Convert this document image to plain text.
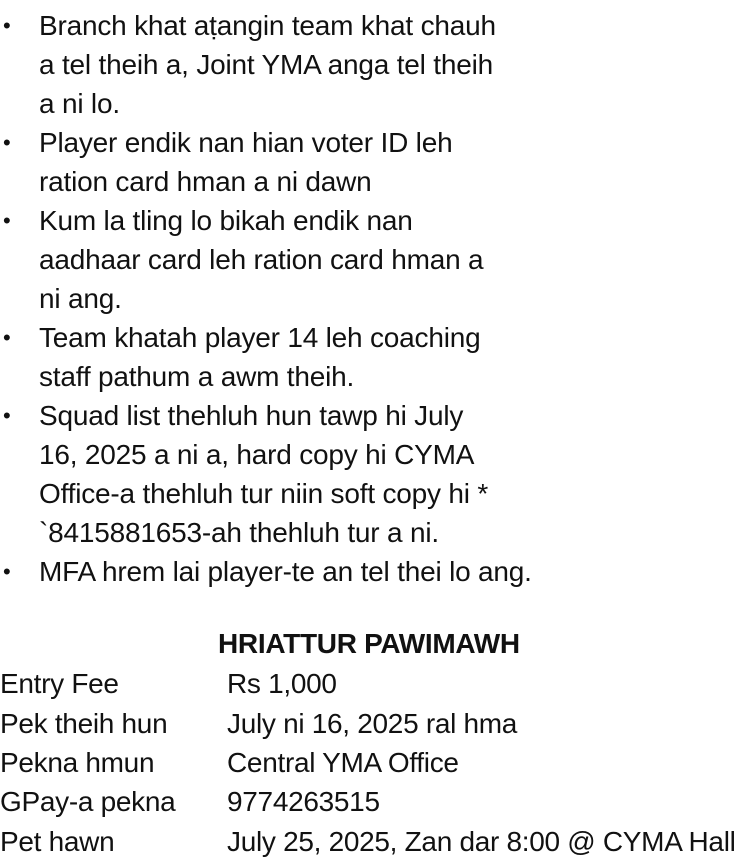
• Branch khat aṭangin team khat chauh
a tel theih a, Joint YMA anga tel theih
a ni lo.
• Player endik nan hian voter ID leh
ration card hman a ni dawn
• Kum la tling lo bikah endik nan
aadhaar card leh ration card hman a
ni ang.
• Team khatah player 14 leh coaching
staff pathum a awm theih.
• Squad list thehluh hun tawp hi July
16, 2025 a ni a, hard copy hi CYMA
Office-a thehluh tur niin soft copy hi *
`8415881653-ah thehluh tur a ni.
• MFA hrem lai player-te an tel thei lo ang.
HRIATTUR PAWIMAWH
Entry Fee	Rs 1,000
Pek theih hun	July ni 16, 2025 ral hma
Pekna hmun	Central YMA Office
GPay-a pekna	9774263515
Pet hawn	July 25, 2025, Zan dar 8:00 @ CYMA Hall
